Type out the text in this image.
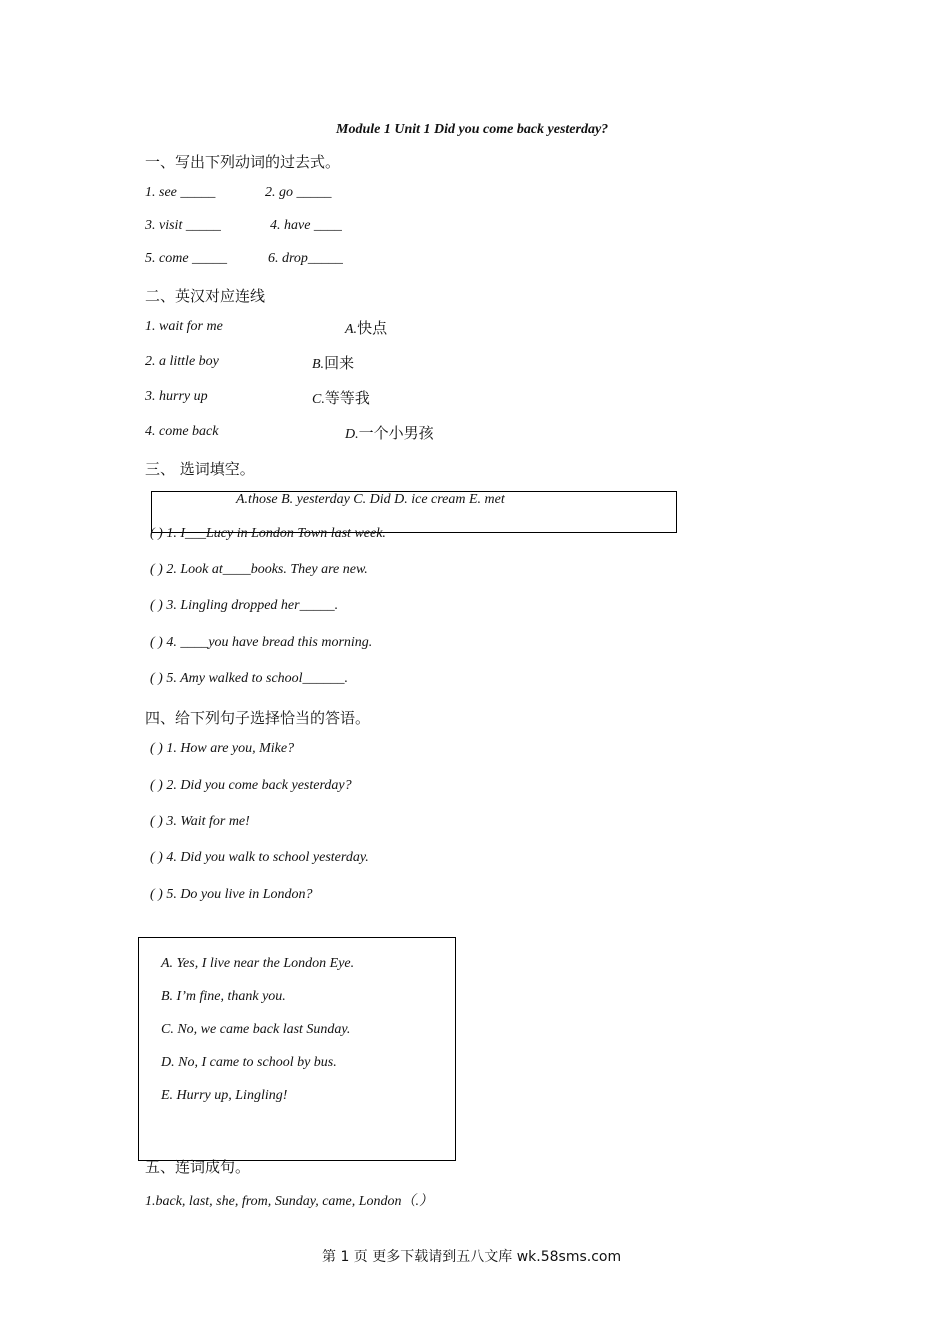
Module 1 Unit 1 Did you come back yesterday?
一、写出下列动词的过去式。
1. see _____	2. go _____
3. visit _____	4. have ____
5. come _____	6. drop_____
二、英汉对应连线
1. wait for me	A.快点
2. a little boy	B.回来
3. hurry up	C.等等我
4. come back	D.一个小男孩
三、 选词填空。
A.those B. yesterday C. Did D. ice cream E. met
( ) 1. I___Lucy in London Town last week.
( ) 2. Look at____books. They are new.
( ) 3. Lingling dropped her_____.
( ) 4. ____you have bread this morning.
( ) 5. Amy walked to school______.
四、给下列句子选择恰当的答语。
( ) 1. How are you, Mike?
( ) 2. Did you come back yesterday?
( ) 3. Wait for me!
( ) 4. Did you walk to school yesterday.
( ) 5. Do you live in London?
A. Yes, I live near the London Eye.
B. I’m fine, thank you.
C. No, we came back last Sunday.
D. No, I came to school by bus.
E. Hurry up, Lingling!
五、连词成句。
1.back, last, she, from, Sunday, came, London（.）
第 1 页 更多下载请到五八文库 wk.58sms.com
